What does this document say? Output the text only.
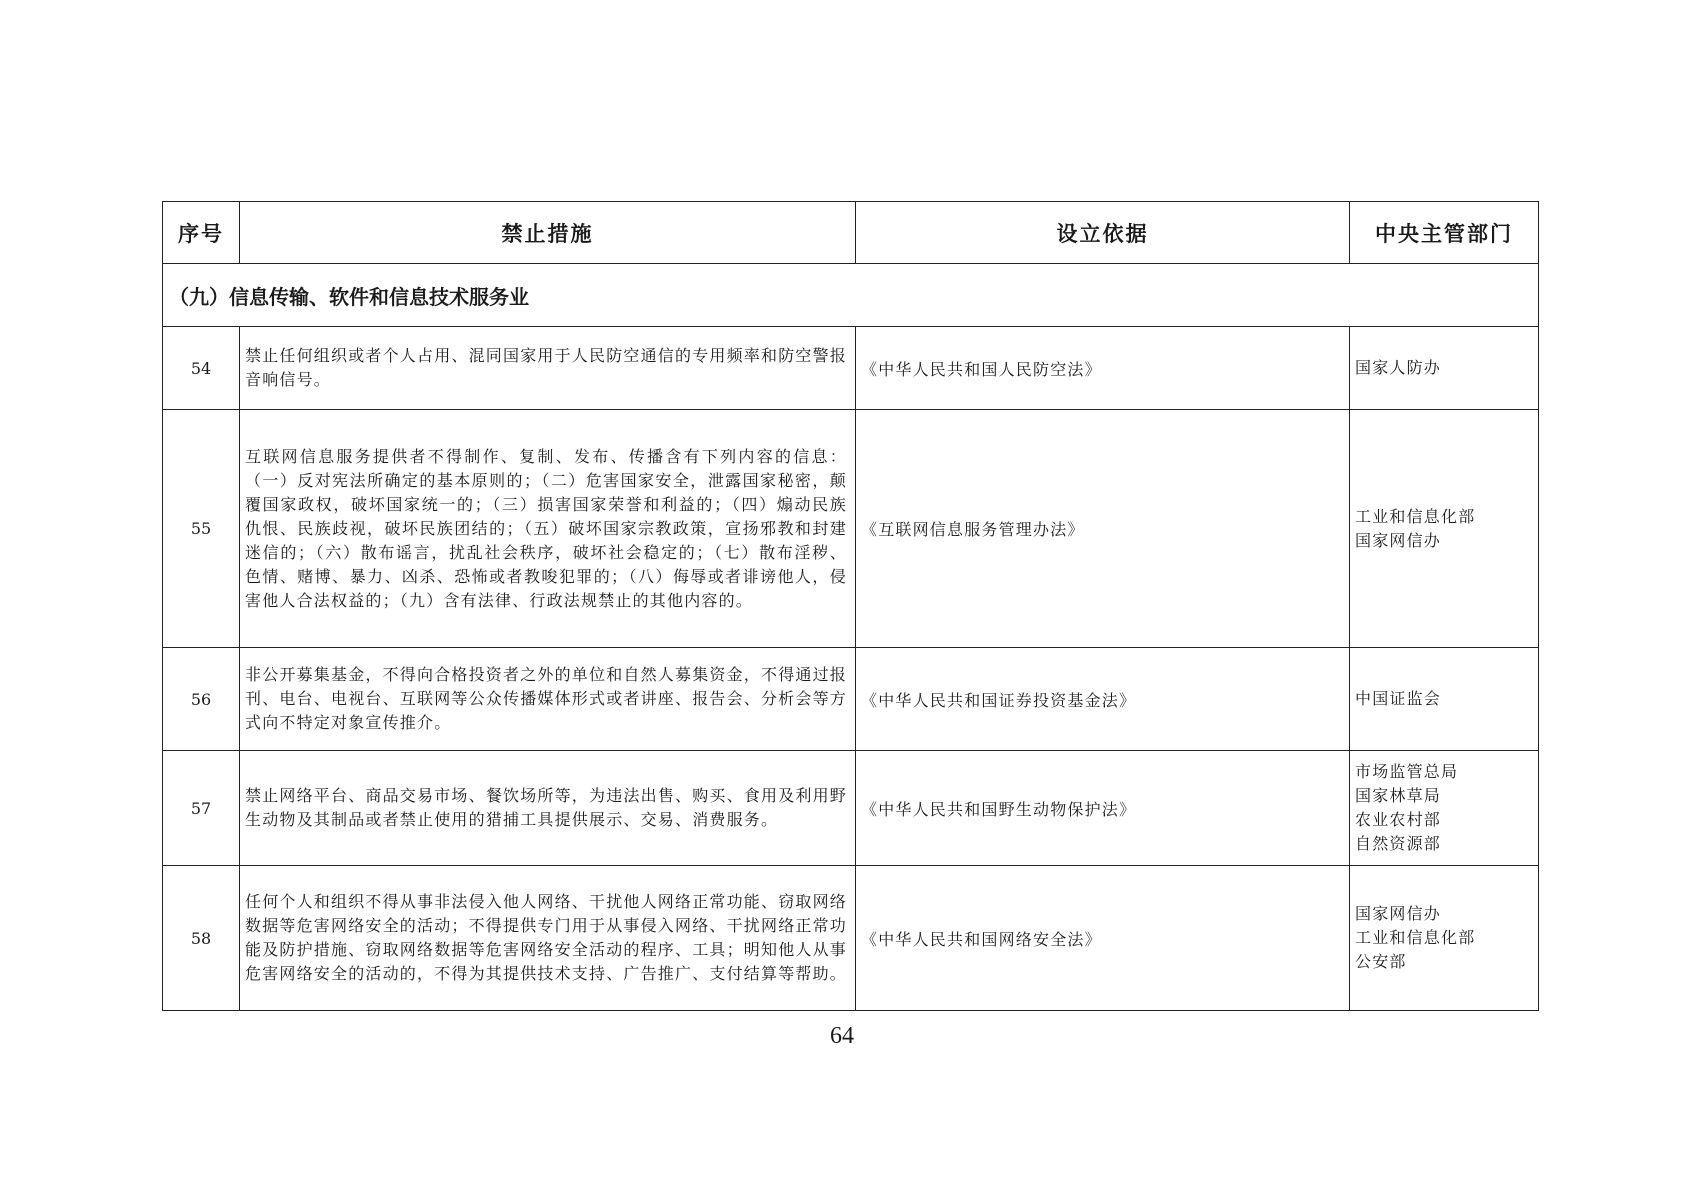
序号	禁止措施	设立依据	中央主管部门
（九）信息传输、软件和信息技术服务业			
54	禁止任何组织或者个人占用、混同国家用于人民防空通信的专用频率和防空警报音响信号。	《中华人民共和国人民防空法》	国家人防办

55	互联网信息服务提供者不得制作、复制、发布、传播含有下列内容的信息：（一）反对宪法所确定的基本原则的；（二）危害国家安全，泄露国家秘密，颠覆国家政权，破坏国家统一的；（三）损害国家荣誉和利益的；（四）煽动民族仇恨、民族歧视，破坏民族团结的；（五）破坏国家宗教政策，宣扬邪教和封建迷信的；（六）散布谣言，扰乱社会秩序，破坏社会稳定的；（七）散布淫秽、色情、赌博、暴力、凶杀、恐怖或者教唆犯罪的；（八）侮辱或者诽谤他人，侵害他人合法权益的；（九）含有法律、行政法规禁止的其他内容的。	《互联网信息服务管理办法》	工业和信息化部
国家网信办

56	非公开募集基金，不得向合格投资者之外的单位和自然人募集资金，不得通过报刊、电台、电视台、互联网等公众传播媒体形式或者讲座、报告会、分析会等方式向不特定对象宣传推介。	《中华人民共和国证券投资基金法》	中国证监会

57	禁止网络平台、商品交易市场、餐饮场所等，为违法出售、购买、食用及利用野生动物及其制品或者禁止使用的猎捕工具提供展示、交易、消费服务。	《中华人民共和国野生动物保护法》	市场监管总局
国家林草局
农业农村部
自然资源部

58	任何个人和组织不得从事非法侵入他人网络、干扰他人网络正常功能、窃取网络数据等危害网络安全的活动；不得提供专门用于从事侵入网络、干扰网络正常功能及防护措施、窃取网络数据等危害网络安全活动的程序、工具；明知他人从事危害网络安全的活动的，不得为其提供技术支持、广告推广、支付结算等帮助。	《中华人民共和国网络安全法》	国家网信办
工业和信息化部
公安部
64
